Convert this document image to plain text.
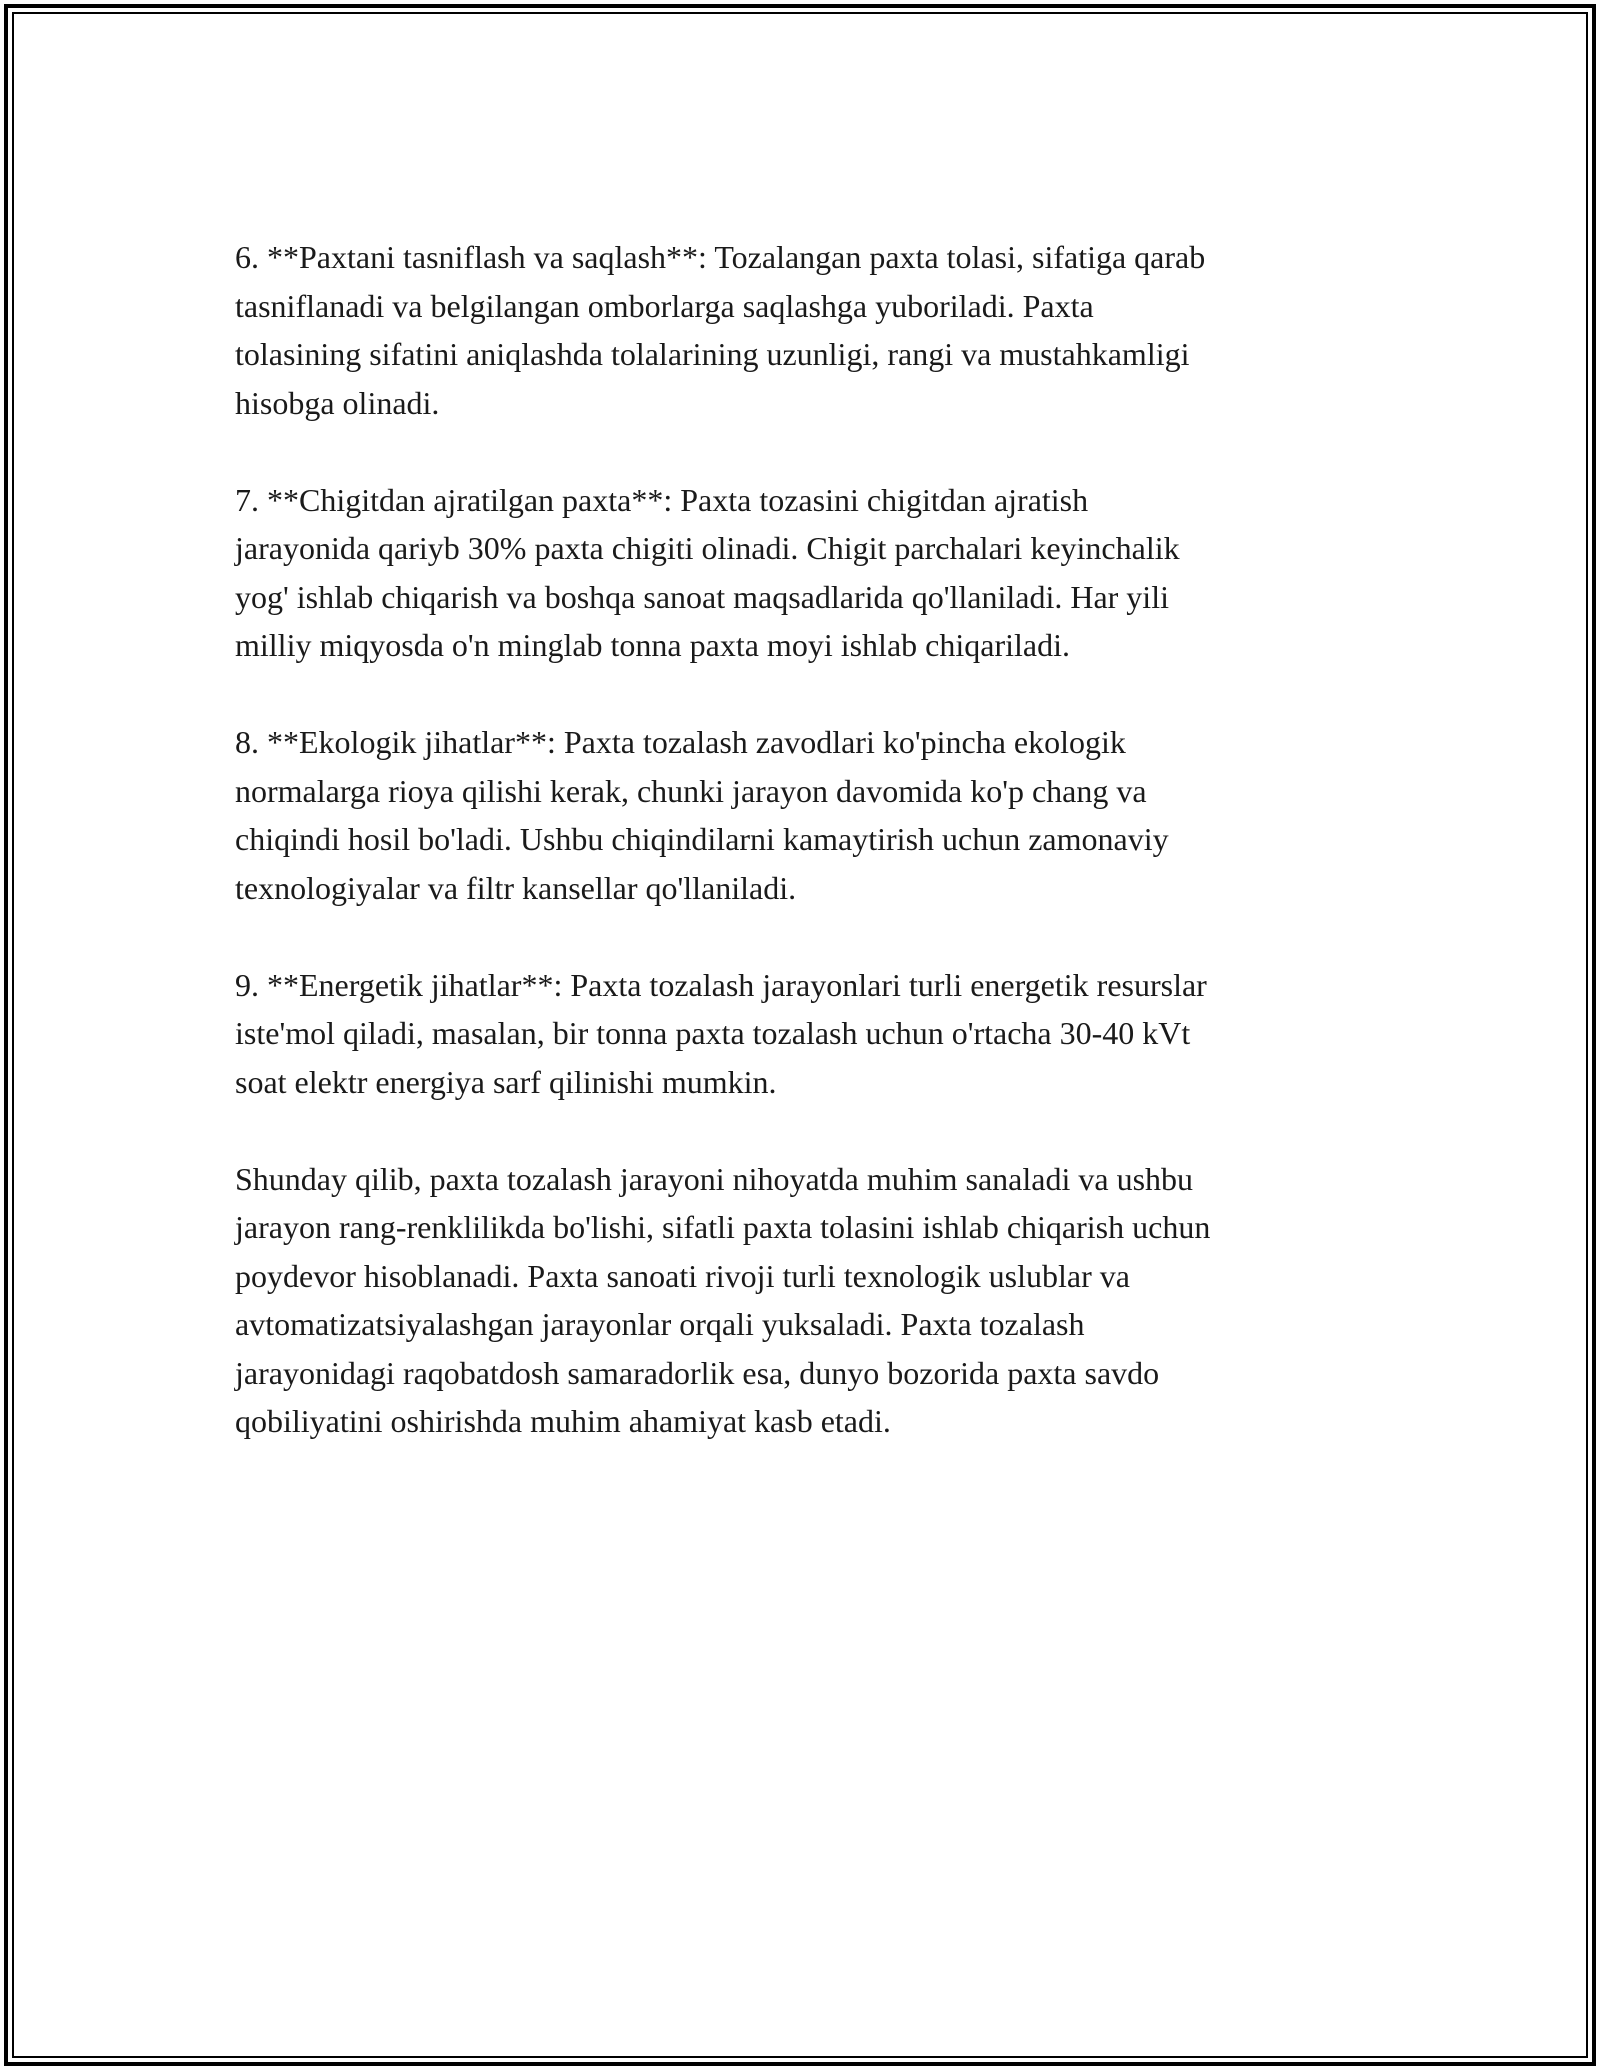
6. **Paxtani tasniflash va saqlash**: Tozalangan paxta tolasi, sifatiga qarab
tasniflanadi va belgilangan omborlarga saqlashga yuboriladi. Paxta
tolasining sifatini aniqlashda tolalarining uzunligi, rangi va mustahkamligi
hisobga olinadi.

7. **Chigitdan ajratilgan paxta**: Paxta tozasini chigitdan ajratish
jarayonida qariyb 30% paxta chigiti olinadi. Chigit parchalari keyinchalik
yog' ishlab chiqarish va boshqa sanoat maqsadlarida qo'llaniladi. Har yili
milliy miqyosda o'n minglab tonna paxta moyi ishlab chiqariladi.

8. **Ekologik jihatlar**: Paxta tozalash zavodlari ko'pincha ekologik
normalarga rioya qilishi kerak, chunki jarayon davomida ko'p chang va
chiqindi hosil bo'ladi. Ushbu chiqindilarni kamaytirish uchun zamonaviy
texnologiyalar va filtr kansellar qo'llaniladi.

9. **Energetik jihatlar**: Paxta tozalash jarayonlari turli energetik resurslar
iste'mol qiladi, masalan, bir tonna paxta tozalash uchun o'rtacha 30-40 kVt
soat elektr energiya sarf qilinishi mumkin.

Shunday qilib, paxta tozalash jarayoni nihoyatda muhim sanaladi va ushbu
jarayon rang-renklilikda bo'lishi, sifatli paxta tolasini ishlab chiqarish uchun
poydevor hisoblanadi. Paxta sanoati rivoji turli texnologik uslublar va
avtomatizatsiyalashgan jarayonlar orqali yuksaladi. Paxta tozalash
jarayonidagi raqobatdosh samaradorlik esa, dunyo bozorida paxta savdo
qobiliyatini oshirishda muhim ahamiyat kasb etadi.
